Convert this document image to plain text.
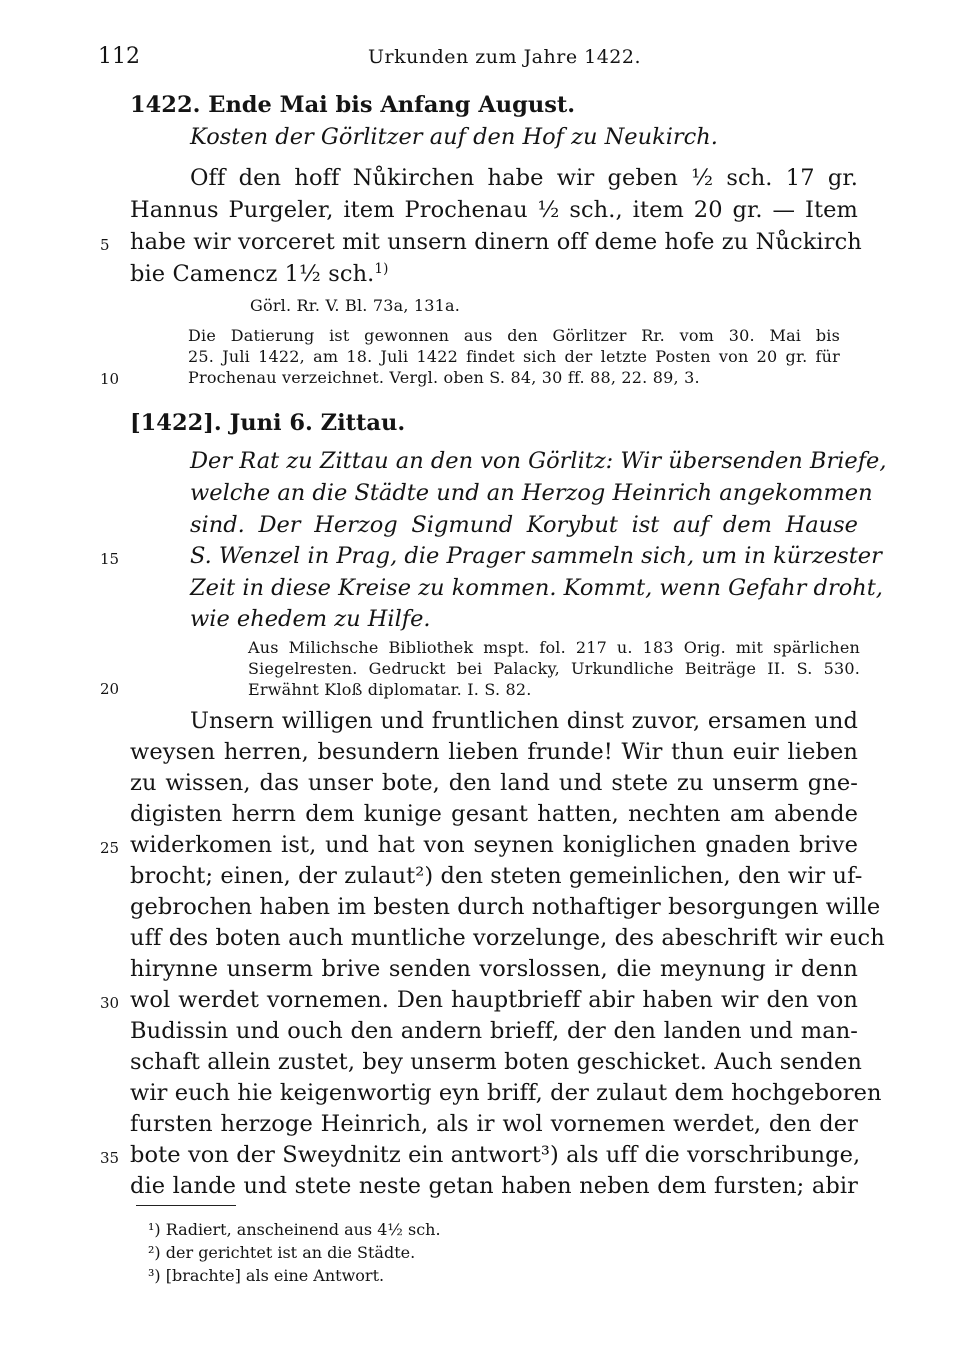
112	Urkunden zum Jahre 1422.
1422. Ende Mai bis Anfang August.
Kosten der Görlitzer auf den Hof zu Neukirch.
Off den hoff Nůkirchen habe wir geben ½ sch. 17 gr.
Hannus Purgeler, item Prochenau ½ sch., item 20 gr. — Item
habe wir vorceret mit unsern dinern off deme hofe zu Nůckirch
bie Camencz 1½ sch.$^{1)}$
Görl. Rr. V. Bl. 73a, 131a.
Die Datierung ist gewonnen aus den Görlitzer Rr. vom 30. Mai bis
25. Juli 1422, am 18. Juli 1422 findet sich der letzte Posten von 20 gr. für
Prochenau verzeichnet. Vergl. oben S. 84, 30 ff. 88, 22. 89, 3.
[1422]. Juni 6. Zittau.
Der Rat zu Zittau an den von Görlitz: Wir übersenden Briefe,
welche an die Städte und an Herzog Heinrich angekommen
sind. Der Herzog Sigmund Korybut ist auf dem Hause
S. Wenzel in Prag, die Prager sammeln sich, um in kürzester
Zeit in diese Kreise zu kommen. Kommt, wenn Gefahr droht,
wie ehedem zu Hilfe.
Aus Milichsche Bibliothek mspt. fol. 217 u. 183 Orig. mit spärlichen
Siegelresten. Gedruckt bei Palacky, Urkundliche Beiträge II. S. 530.
Erwähnt Kloß diplomatar. I. S. 82.
Unsern willigen und fruntlichen dinst zuvor, ersamen und
weysen herren, besundern lieben frunde! Wir thun euir lieben
zu wissen, das unser bote, den land und stete zu unserm gne-
digisten herrn dem kunige gesant hatten, nechten am abende
widerkomen ist, und hat von seynen koniglichen gnaden brive
brocht; einen, der zulaut²) den steten gemeinlichen, den wir uf-
gebrochen haben im besten durch nothaftiger besorgungen wille
uff des boten auch muntliche vorzelunge, des abeschrift wir euch
hirynne unserm brive senden vorslossen, die meynung ir denn
wol werdet vornemen. Den hauptbrieff abir haben wir den von
Budissin und ouch den andern brieff, der den landen und man-
schaft allein zustet, bey unserm boten geschicket. Auch senden
wir euch hie keigenwortig eyn briff, der zulaut dem hochgeboren
fursten herzoge Heinrich, als ir wol vornemen werdet, den der
bote von der Sweydnitz ein antwort³) als uff die vorschribunge,
die lande und stete neste getan haben neben dem fursten; abir
5
10
15
20
25
30
35
¹) Radiert, anscheinend aus 4½ sch.
²) der gerichtet ist an die Städte.
³) [brachte] als eine Antwort.
